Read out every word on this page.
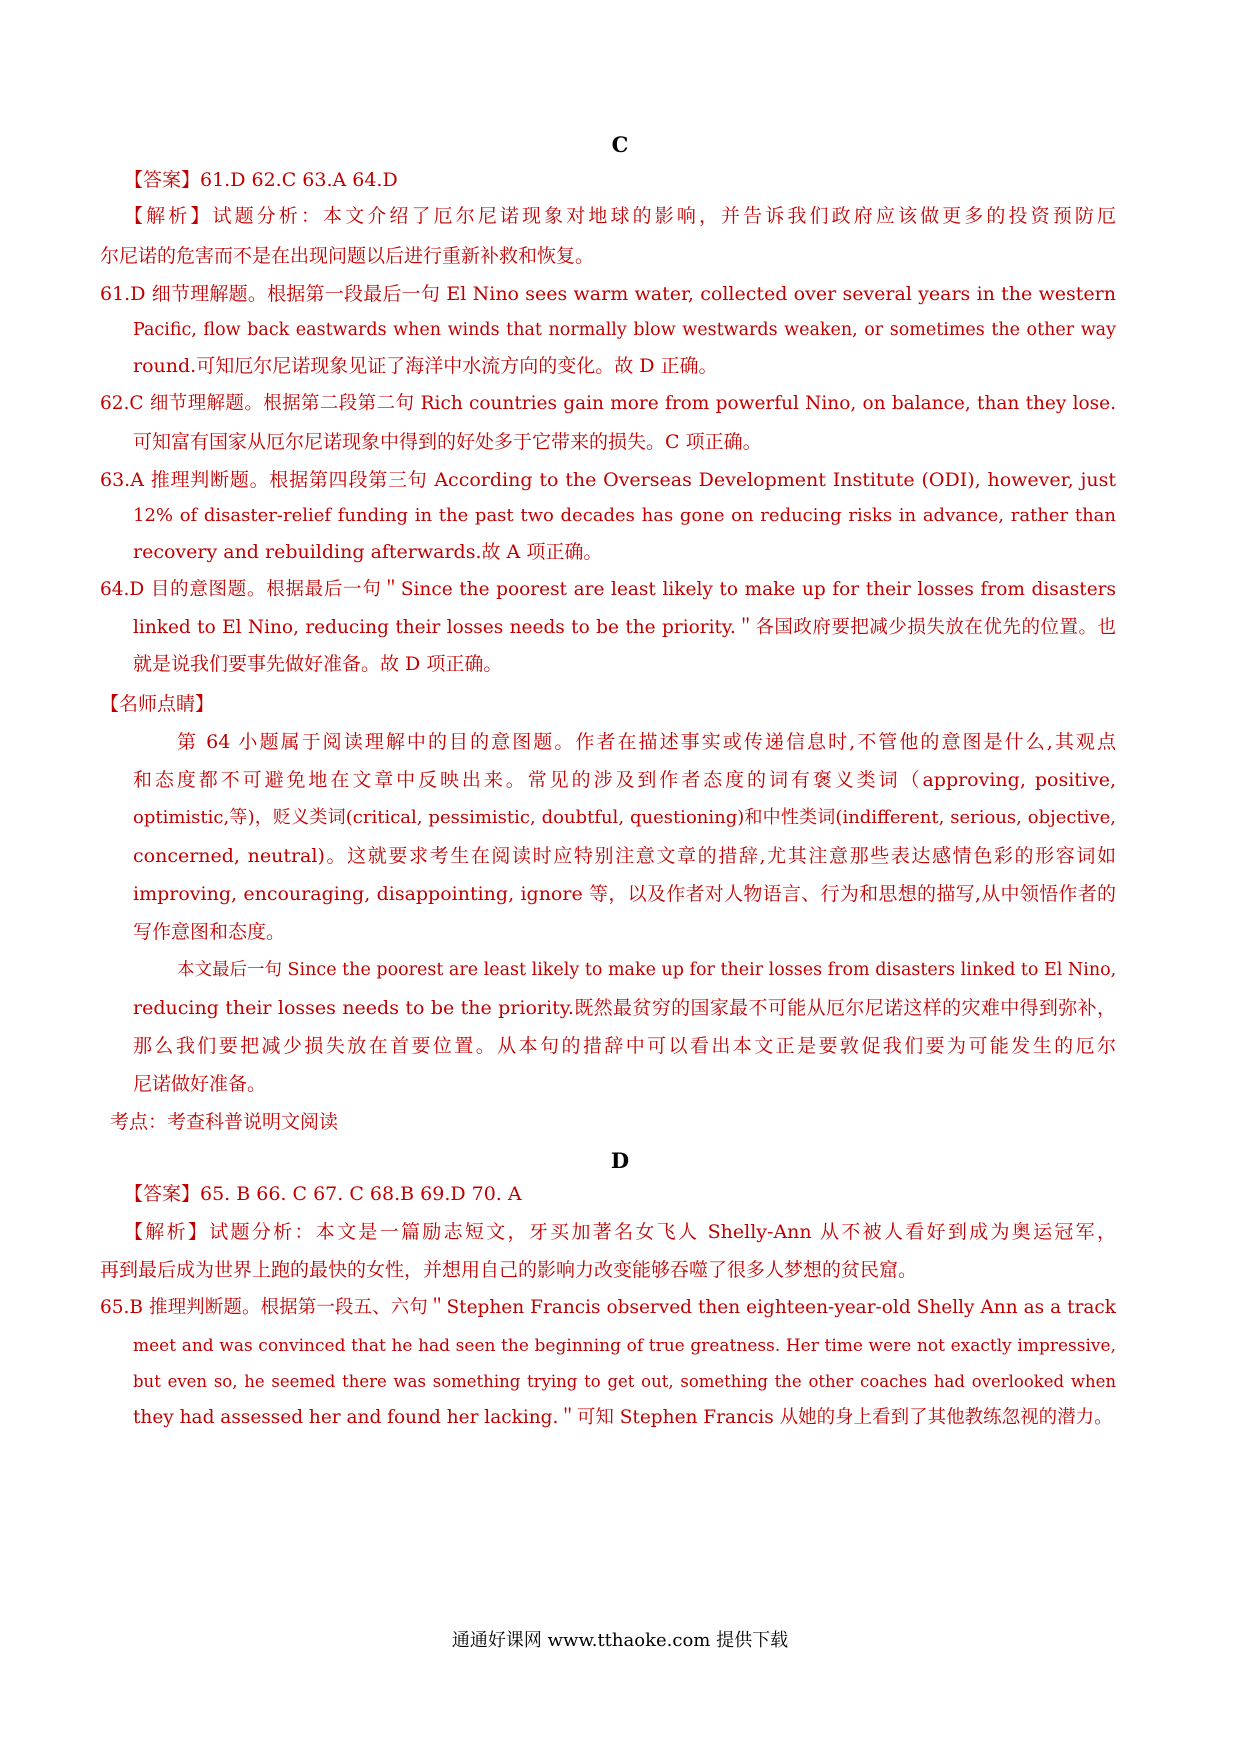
C
【答案】61.D 62.C 63.A 64.D
【解析】试题分析：本文介绍了厄尔尼诺现象对地球的影响，并告诉我们政府应该做更多的投资预防厄
尔尼诺的危害而不是在出现问题以后进行重新补救和恢复。
61.D 细节理解题。根据第一段最后一句 El Nino sees warm water, collected over several years in the western
Pacific, flow back eastwards when winds that normally blow westwards weaken, or sometimes the other way
round.可知厄尔尼诺现象见证了海洋中水流方向的变化。故 D 正确。
62.C 细节理解题。根据第二段第二句 Rich countries gain more from powerful Nino, on balance, than they lose.
可知富有国家从厄尔尼诺现象中得到的好处多于它带来的损失。C 项正确。
63.A 推理判断题。根据第四段第三句 According to the Overseas Development Institute (ODI), however, just
12% of disaster-relief funding in the past two decades has gone on reducing risks in advance, rather than
recovery and rebuilding afterwards.故 A 项正确。
64.D 目的意图题。根据最后一句＂Since the poorest are least likely to make up for their losses from disasters
linked to El Nino, reducing their losses needs to be the priority.＂各国政府要把减少损失放在优先的位置。也
就是说我们要事先做好准备。故 D 项正确。
【名师点睛】
第 64 小题属于阅读理解中的目的意图题。作者在描述事实或传递信息时,不管他的意图是什么,其观点
和态度都不可避免地在文章中反映出来。常见的涉及到作者态度的词有褒义类词（approving, positive,
optimistic,等)，贬义类词(critical, pessimistic, doubtful, questioning)和中性类词(indifferent, serious, objective,
concerned, neutral)。这就要求考生在阅读时应特别注意文章的措辞,尤其注意那些表达感情色彩的形容词如
improving, encouraging, disappointing, ignore 等，以及作者对人物语言、行为和思想的描写,从中领悟作者的
写作意图和态度。
本文最后一句 Since the poorest are least likely to make up for their losses from disasters linked to El Nino,
reducing their losses needs to be the priority.既然最贫穷的国家最不可能从厄尔尼诺这样的灾难中得到弥补，
那么我们要把减少损失放在首要位置。从本句的措辞中可以看出本文正是要敦促我们要为可能发生的厄尔
尼诺做好准备。
考点：考查科普说明文阅读
D
【答案】65. B 66. C 67. C 68.B 69.D 70. A
【解析】试题分析：本文是一篇励志短文，牙买加著名女飞人 Shelly-Ann 从不被人看好到成为奥运冠军，
再到最后成为世界上跑的最快的女性，并想用自己的影响力改变能够吞噬了很多人梦想的贫民窟。
65.B 推理判断题。根据第一段五、六句＂Stephen Francis observed then eighteen-year-old Shelly Ann as a track
meet and was convinced that he had seen the beginning of true greatness. Her time were not exactly impressive,
but even so, he seemed there was something trying to get out, something the other coaches had overlooked when
they had assessed her and found her lacking.＂可知 Stephen Francis 从她的身上看到了其他教练忽视的潜力。
通通好课网 www.tthaoke.com 提供下载
